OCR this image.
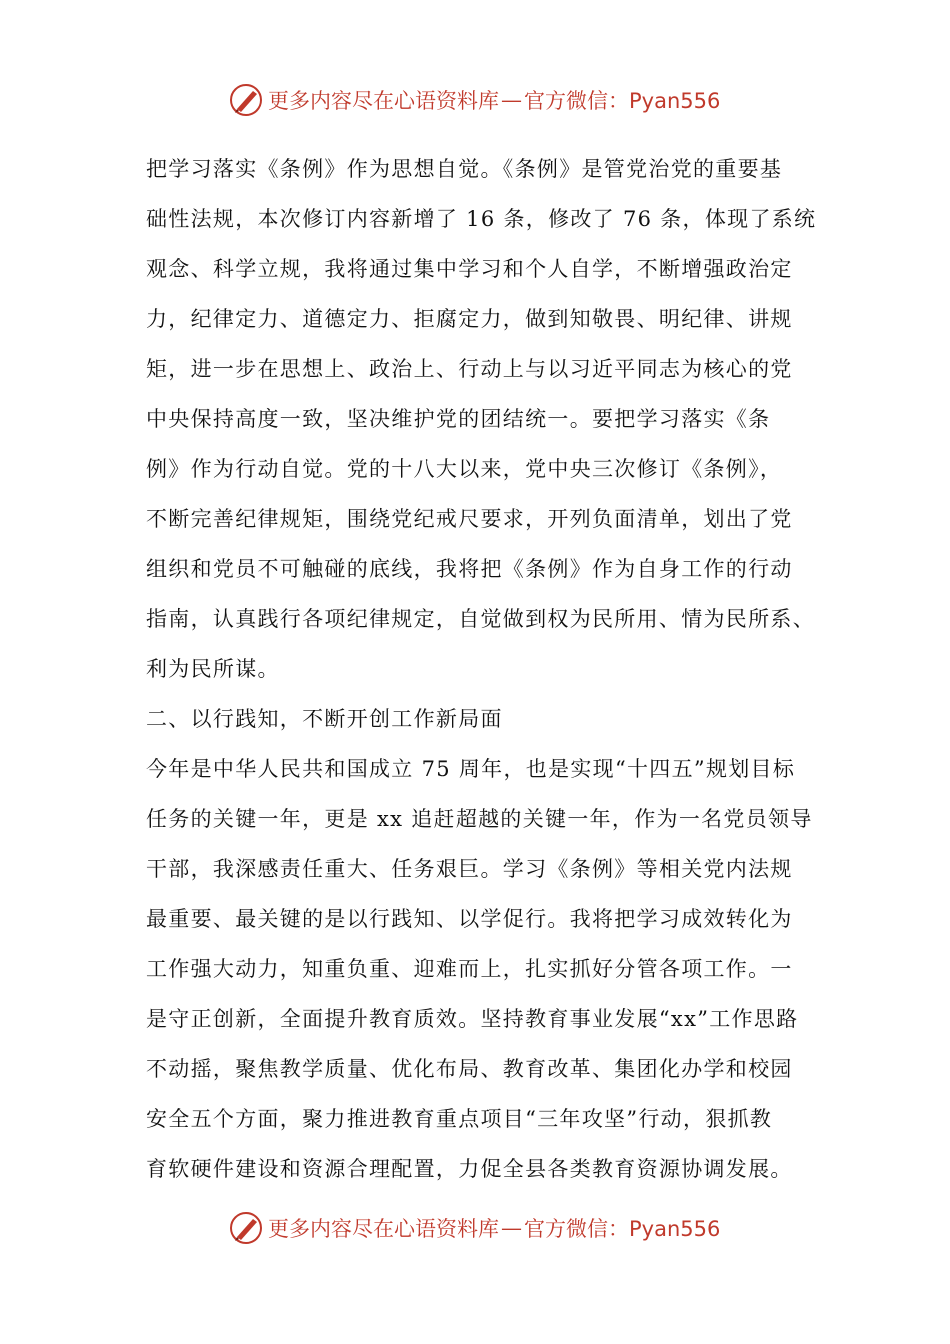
更多内容尽在心语资料库 — 官方微信：Pyan556
把学习落实《条例》作为思想自觉。《条例》是管党治党的重要基
础性法规，本次修订内容新增了 16 条，修改了 76 条，体现了系统
观念、科学立规，我将通过集中学习和个人自学，不断增强政治定
力，纪律定力、道德定力、拒腐定力，做到知敬畏、明纪律、讲规
矩，进一步在思想上、政治上、行动上与以习近平同志为核心的党
中央保持高度一致，坚决维护党的团结统一。要把学习落实《条
例》作为行动自觉。党的十八大以来，党中央三次修订《条例》，
不断完善纪律规矩，围绕党纪戒尺要求，开列负面清单，划出了党
组织和党员不可触碰的底线，我将把《条例》作为自身工作的行动
指南，认真践行各项纪律规定，自觉做到权为民所用、情为民所系、
利为民所谋。
二、以行践知，不断开创工作新局面
今年是中华人民共和国成立 75 周年，也是实现“十四五”规划目标
任务的关键一年，更是 xx 追赶超越的关键一年，作为一名党员领导
干部，我深感责任重大、任务艰巨。学习《条例》等相关党内法规
最重要、最关键的是以行践知、以学促行。我将把学习成效转化为
工作强大动力，知重负重、迎难而上，扎实抓好分管各项工作。一
是守正创新，全面提升教育质效。坚持教育事业发展“xx”工作思路
不动摇，聚焦教学质量、优化布局、教育改革、集团化办学和校园
安全五个方面，聚力推进教育重点项目“三年攻坚”行动，狠抓教
育软硬件建设和资源合理配置，力促全县各类教育资源协调发展。
更多内容尽在心语资料库 — 官方微信：Pyan556
